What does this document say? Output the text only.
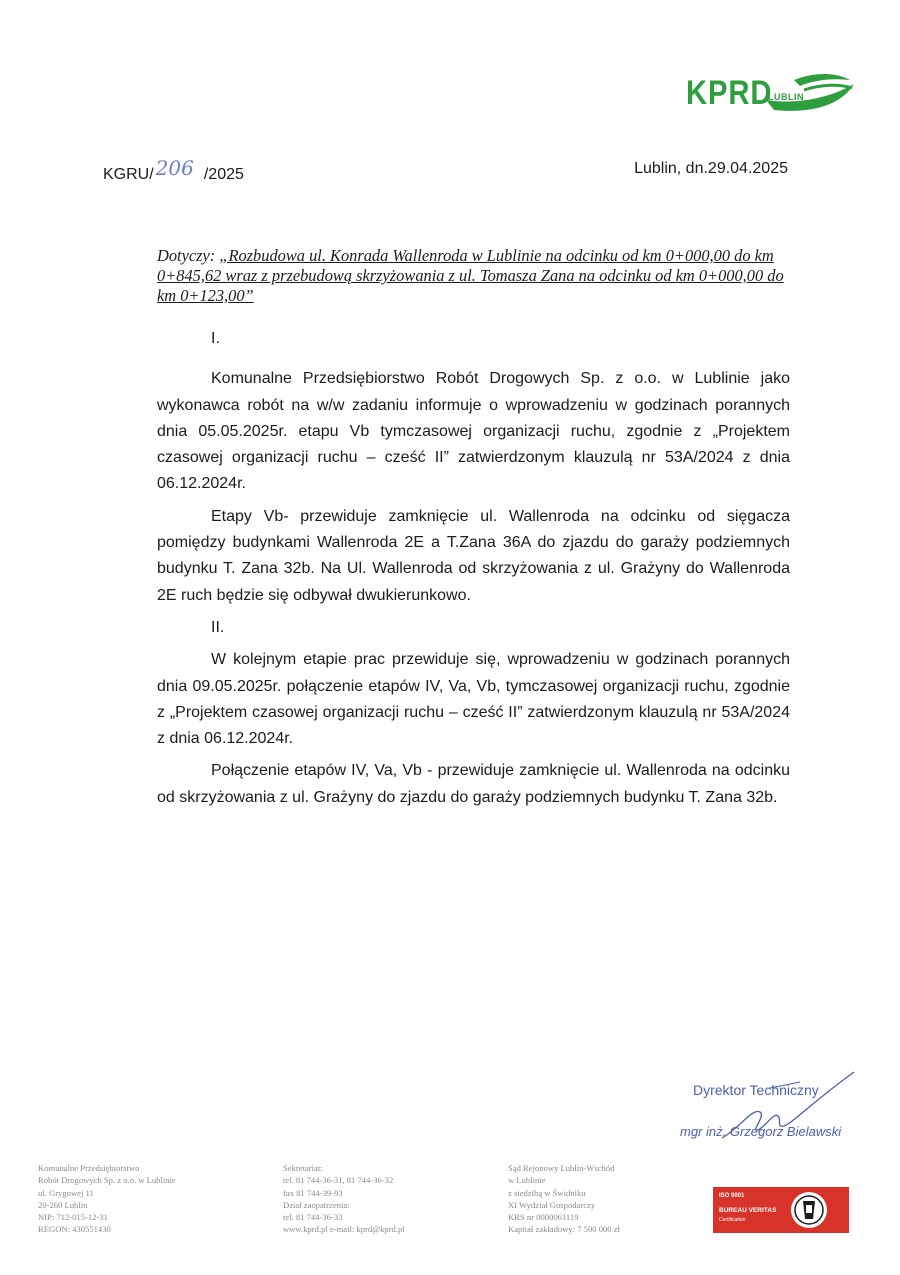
KPRD
LUBLIN
KGRU/ 206 /2025	Lublin, dn.29.04.2025
Dotyczy: „Rozbudowa ul. Konrada Wallenroda w Lublinie na odcinku od km 0+000,00 do km 0+845,62 wraz z przebudową skrzyżowania z ul. Tomasza Zana na odcinku od km 0+000,00 do km 0+123,00”
I.

Komunalne Przedsiębiorstwo Robót Drogowych Sp. z o.o. w Lublinie jako wykonawca robót na w/w zadaniu informuje o wprowadzeniu w godzinach porannych dnia 05.05.2025r. etapu Vb tymczasowej organizacji ruchu, zgodnie z „Projektem czasowej organizacji ruchu – cześć II” zatwierdzonym klauzulą nr 53A/2024 z dnia 06.12.2024r.

Etapy Vb- przewiduje zamknięcie ul. Wallenroda na odcinku od sięgacza pomiędzy budynkami Wallenroda 2E a T.Zana 36A do zjazdu do garaży podziemnych budynku T. Zana 32b. Na Ul. Wallenroda od skrzyżowania z ul. Grażyny do Wallenroda 2E ruch będzie się odbywał dwukierunkowo.

II.

W kolejnym etapie prac przewiduje się, wprowadzeniu w godzinach porannych dnia 09.05.2025r. połączenie etapów IV, Va, Vb, tymczasowej organizacji ruchu, zgodnie z „Projektem czasowej organizacji ruchu – cześć II” zatwierdzonym klauzulą nr 53A/2024 z dnia 06.12.2024r.

Połączenie etapów IV, Va, Vb - przewiduje zamknięcie ul. Wallenroda na odcinku od skrzyżowania z ul. Grażyny do zjazdu do garaży podziemnych budynku T. Zana 32b.

Dyrektor Techniczny
mgr inż. Grzegorz Bielawski
Komunalne Przedsiębiorstwo
Robót Drogowych Sp. z o.o. w Lublinie
ul. Grygowej 11
20-260 Lublin
NIP: 712-015-12-31
REGON: 430551430
Sekretariat:
tel. 81 744-36-31, 81 744-36-32
fax 81 744-39-93
Dział zaopatrzenia:
tel. 81 744-36-33
www.kprd.pl e-mail: kprd@kprd.pl
Sąd Rejonowy Lublin-Wschód
w Lublinie
z siedzibą w Świdniku
XI Wydział Gospodarczy
KRS nr 0000061119
Kapitał zakładowy: 7 500 000 zł
ISO 9001
BUREAU VERITAS
Certification
